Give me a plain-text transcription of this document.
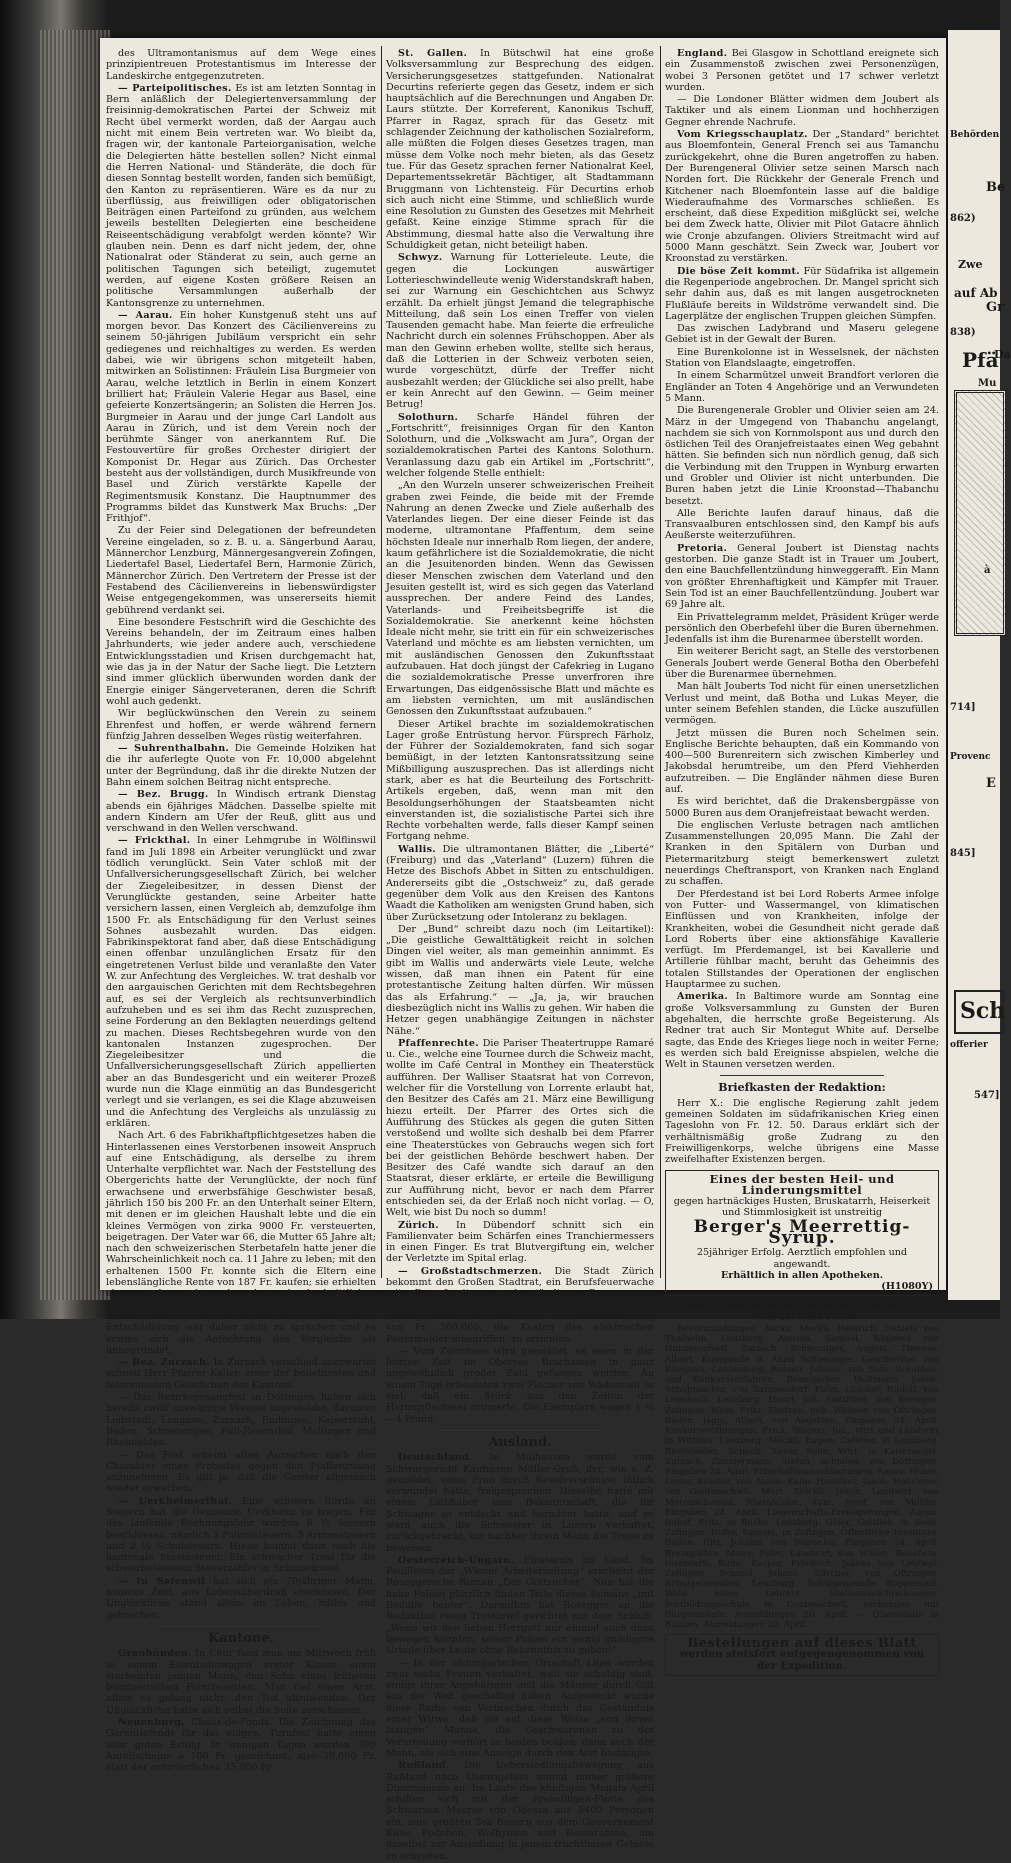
des Ultramontanismus auf dem Wege eines prinzipientreuen Protestantismus im Interesse der Landeskirche entgegenzutreten.

— Parteipolitisches. Es ist am letzten Sonntag in Bern anläßlich der Delegiertenversammlung der freisinnig-demokratischen Partei der Schweiz mit Recht übel vermerkt worden, daß der Aargau auch nicht mit einem Bein vertreten war. Wo bleibt da, fragen wir, der kantonale Parteiorganisation, welche die Delegierten hätte bestellen sollen? Nicht einmal die Herren National- und Ständeräte, die doch für diesen Sonntag bestellt worden, fanden sich bemüßigt, den Kanton zu repräsentieren. Wäre es da nur zu überflüssig, aus freiwilligen oder obligatorischen Beiträgen einen Parteifond zu gründen, aus welchem jeweils bestellten Delegierten eine bescheidene Reiseentschädigung verabfolgt werden könnte? Wir glauben nein. Denn es darf nicht jedem, der, ohne Nationalrat oder Ständerat zu sein, auch gerne an politischen Tagungen sich beteiligt, zugemutet werden, auf eigene Kosten größere Reisen an politische Versammlungen außerhalb der Kantonsgrenze zu unternehmen.

— Aarau. Ein hoher Kunstgenuß steht uns auf morgen bevor. Das Konzert des Cäcilienvereins zu seinem 50-jährigen Jubiläum verspricht ein sehr gediegenes und reichhaltiges zu werden. Es werden dabei, wie wir übrigens schon mitgeteilt haben, mitwirken an Solistinnen: Fräulein Lisa Burgmeier von Aarau, welche letztlich in Berlin in einem Konzert brilliert hat; Fräulein Valerie Hegar aus Basel, eine gefeierte Konzertsängerin; an Solisten die Herren Jos. Burgmeier in Aarau und der junge Carl Landolt aus Aarau in Zürich, und ist dem Verein noch der berühmte Sänger von anerkanntem Ruf. Die Festouvertüre für großes Orchester dirigiert der Komponist Dr. Hegar aus Zürich. Das Orchester besteht aus der vollständigen, durch Musikfreunde von Basel und Zürich verstärkte Kapelle der Regimentsmusik Konstanz. Die Hauptnummer des Programms bildet das Kunstwerk Max Bruchs: „Der Frithjof“.

Zu der Feier sind Delegationen der befreundeten Vereine eingeladen, so z. B. u. a. Sängerbund Aarau, Männerchor Lenzburg, Männergesangverein Zofingen, Liedertafel Basel, Liedertafel Bern, Harmonie Zürich, Männerchor Zürich. Den Vertretern der Presse ist der Festabend des Cäcilienvereins in liebenswürdigster Weise entgegengekommen, was unsererseits hiemit gebührend verdankt sei.

Eine besondere Festschrift wird die Geschichte des Vereins behandeln, der im Zeitraum eines halben Jahrhunderts, wie jeder andere auch, verschiedene Entwicklungsstadien und Krisen durchgemacht hat, wie das ja in der Natur der Sache liegt. Die Letztern sind immer glücklich überwunden worden dank der Energie einiger Sängerveteranen, deren die Schrift wohl auch gedenkt.

Wir beglückwünschen den Verein zu seinem Ehrenfest und hoffen, er werde während fernern fünfzig Jahren desselben Weges rüstig weiterfahren.

— Suhrenthalbahn. Die Gemeinde Holziken hat die ihr auferlegte Quote von Fr. 10,000 abgelehnt unter der Begründung, daß ihr die direkte Nutzen der Bahn einem solchen Beitrag nicht entspreche.

— Bez. Brugg. In Windisch ertrank Dienstag abends ein 6jähriges Mädchen. Dasselbe spielte mit andern Kindern am Ufer der Reuß, glitt aus und verschwand in den Wellen verschwand.

— Frickthal. In einer Lehmgrube in Wölflinswil fand im Juli 1898 ein Arbeiter verunglückt und zwar tödlich verunglückt. Sein Vater schloß mit der Unfallversicherungsgesellschaft Zürich, bei welcher der Ziegeleibesitzer, in dessen Dienst der Verunglückte gestanden, seine Arbeiter hatte versichern lassen, einen Vergleich ab, demzufolge ihm 1500 Fr. als Entschädigung für den Verlust seines Sohnes ausbezahlt wurden. Das eidgen. Fabrikinspektorat fand aber, daß diese Entschädigung einen offenbar unzulänglichen Ersatz für den eingetretenen Verlust bilde und veranlaßte den Vater W. zur Anfechtung des Vergleiches. W. trat deshalb vor den aargauischen Gerichten mit dem Rechtsbegehren auf, es sei der Vergleich als rechtsunverbindlich aufzuheben und es sei ihm das Recht zuzusprechen, seine Forderung an den Beklagten neuerdings geltend zu machen. Dieses Rechtsbegehren wurde von den kantonalen Instanzen zugesprochen. Der Ziegeleibesitzer und die Unfallversicherungsgesellschaft Zürich appellierten aber an das Bundesgericht und ein weiterer Prozeß wurde nun die Klage einmütig an das Bundesgericht verlegt und sie verlangen, es sei die Klage abzuweisen und die Anfechtung des Vergleichs als unzulässig zu erklären.

Nach Art. 6 des Fabrikhaftpflichtgesetzes haben die Hinterlassenen eines Verstorbenen insoweit Anspruch auf eine Entschädigung, als derselbe zu ihrem Unterhalte verpflichtet war. Nach der Feststellung des Obergerichts hatte der Verunglückte, der noch fünf erwachsene und erwerbsfähige Geschwister besaß, jährlich 150 bis 200 Fr. an den Unterhalt seiner Eltern, mit denen er im gleichen Haushalt lebte und die ein kleines Vermögen von zirka 9000 Fr. versteuerten, beigetragen. Der Vater war 66, die Mutter 65 Jahre alt; nach den schweizerischen Sterbetafeln hatte jener die Wahrscheinlichkeit noch ca. 11 Jahre zu leben; mit den erhaltenen 1500 Fr. konnte sich die Eltern eine lebenslängliche Rente von 187 Fr. kaufen; sie erhielten also noch mehr als den durchschnittlichen Unterstützungsbeitrag, den der Verstorbene hätte gewähren können. Von einer offenbar unzulänglichen Entschädigung war daher nicht zu sprechen und es erwies sich die Anfechtung des Vergleichs als unbegründet.

— Bez. Zurzach. In Zurzach verschied unerwartet schnell Herr Pfarrer Keller, einer der beliebtesten und tolerantesten Geistlichen des Kantons.

— Das Bezirksgesangfest in Döttingen haben sich bereits zwölf auswärtige Vereine angemeldet, darunter Leibstadt, Lengnau, Zurzach, Endingen, Kaiserstuhl, Baden, Schneisingen, Full-Reuenthal, Mellingen und Rheinfelden.

— Das Fest scheint allen Anzeichen nach den Charakter eines Protestes gegen den Pfaffenzwang anzunehmen. Es gilt ja, daß die Geister allgemach wieder erwachen.

— Uerkheimerthal. Eine schwere Bürde an Steuern hat die Gemeinde Uerkheim zu tragen. Für das laufende Rechnungsjahr wurden 8 ½ Steuern beschlossen, nämlich 3 Polizeisteuern, 3 Armensteuern und 2 ½ Schulsteuern. Hiezu kommt dann noch die kantonale Staatssteuer. Ein schwacher Trost für die schwerbelasteten Steuerzahler in Schmiedrued.

— In Safenwil hat sich ein 70jähriger Mann, namens Zeni, aus Lebensüberdruß erschossen. Der Unglückliche stand allein im Leben, hilflos und gebrochen.

Kantone.

Graubünden. In Chur fand man am Mittwoch früh in einem Eisenbahnwagen erster Klasse einen sterbenden jungen Mann, den Sohn eines früheren bündnerischen Forstbeamten. Man rief einen Arzt, allein es gelang nicht, den Tod abzuwenden. Der Unglückliche hatte sich selbst die Seite zerschossen.

Neuenburg. Chaux-de-Fonds. Die Zeichnung des Garantiefonds für das eidgen. Turnfest hatte einen sehr guten Erfolg. In wenigen Tagen wurden 390 Anteilscheine à 100 Fr. gezeichnet, also 39,000 Fr. statt der erforderlichen 35,000 Fr.

St. Gallen. In Bütschwil hat eine große Volksversammlung zur Besprechung des eidgen. Versicherungsgesetzes stattgefunden. Nationalrat Decurtins referierte gegen das Gesetz, indem er sich hauptsächlich auf die Berechnungen und Angaben Dr. Laurs stützte. Der Korreferent, Kanonikus Tschuff, Pfarrer in Ragaz, sprach für das Gesetz mit schlagender Zeichnung der katholischen Sozialreform, alle müßten die Folgen dieses Gesetzes tragen, man müsse dem Volke noch mehr bieten, als das Gesetz tue. Für das Gesetz sprachen ferner Nationalrat Keel, Departementssekretär Bächtiger, alt Stadtammann Bruggmann von Lichtensteig. Für Decurtins erhob sich auch nicht eine Stimme, und schließlich wurde eine Resolution zu Gunsten des Gesetzes mit Mehrheit gefaßt. Keine einzige Stimme sprach für die Abstimmung, diesmal hatte also die Verwaltung ihre Schuldigkeit getan, nicht beteiligt haben.

Schwyz. Warnung für Lotterieleute. Leute, die gegen die Lockungen auswärtiger Lotterieschwindelleute wenig Widerstandskraft haben, sei zur Warnung ein Geschichtchen aus Schwyz erzählt. Da erhielt jüngst Jemand die telegraphische Mitteilung, daß sein Los einen Treffer von vielen Tausenden gemacht habe. Man feierte die erfreuliche Nachricht durch ein solennes Frühschoppen. Aber als man den Gewinn erheben wollte, stellte sich heraus, daß die Lotterien in der Schweiz verboten seien, wurde vorgeschützt, dürfe der Treffer nicht ausbezahlt werden; der Glückliche sei also prellt, habe er kein Anrecht auf den Gewinn. — Geim meiner Betrug!

Solothurn. Scharfe Händel führen der „Fortschritt“, freisinniges Organ für den Kanton Solothurn, und die „Volkswacht am Jura“, Organ der sozialdemokratischen Partei des Kantons Solothurn. Veranlassung dazu gab ein Artikel im „Fortschritt“, welcher folgende Stelle enthielt:

„An den Wurzeln unserer schweizerischen Freiheit graben zwei Feinde, die beide mit der Fremde Nahrung an denen Zwecke und Ziele außerhalb des Vaterlandes liegen. Der eine dieser Feinde ist das moderne, ultramontane Pfaffentum, dem seine höchsten Ideale nur innerhalb Rom liegen, der andere, kaum gefährlichere ist die Sozialdemokratie, die nicht an die Jesuitenorden binden. Wenn das Gewissen dieser Menschen zwischen dem Vaterland und den Jesuiten gestellt ist, wird es sich gegen das Vaterland aussprechen. Der andere Feind des Landes, Vaterlands- und Freiheitsbegriffe ist die Sozialdemokratie. Sie anerkennt keine höchsten Ideale nicht mehr, sie tritt ein für ein schweizerisches Vaterland und möchte es am liebsten vernichten, um mit ausländischen Genossen den Zukunftsstaat aufzubauen. Hat doch jüngst der Cafekrieg in Lugano die sozialdemokratische Presse unverfroren ihre Erwartungen, Das eidgenössische Blatt und mächte es am liebsten vernichten, um mit ausländischen Genossen den Zukunftsstaat aufzubauen.“

Dieser Artikel brachte im sozialdemokratischen Lager große Entrüstung hervor. Fürsprech Färholz, der Führer der Sozialdemokraten, fand sich sogar bemüßigt, in der letzten Kantonsratssitzung seine Mißbilligung auszusprechen. Das ist allerdings nicht stark, aber es hat die Beurteilung des Fortschritt-Artikels ergeben, daß, wenn man mit den Besoldungserhöhungen der Staatsbeamten nicht einverstanden ist, die sozialistische Partei sich ihre Rechte vorbehalten werde, falls dieser Kampf seinen Fortgang nehme.

Wallis. Die ultramontanen Blätter, die „Liberté“ (Freiburg) und das „Vaterland“ (Luzern) führen die Hetze des Bischofs Abbet in Sitten zu entschuldigen. Andererseits gibt die „Ostschweiz“ zu, daß gerade gegenüber dem Volk aus den Kreisen des Kantons Waadt die Katholiken am wenigsten Grund haben, sich über Zurücksetzung oder Intoleranz zu beklagen.

Der „Bund“ schreibt dazu noch (im Leitartikel): „Die geistliche Gewalttätigkeit reicht in solchen Dingen viel weiter, als man gemeinhin annimmt. Es gibt im Wallis und anderwärts viele Leute, welche wissen, daß man ihnen ein Patent für eine protestantische Zeitung halten dürfen. Wir müssen das als Erfahrung.“ — „Ja, ja, wir brauchen diesbezüglich nicht ins Wallis zu gehen. Wir haben die Hetzer gegen unabhängige Zeitungen in nächster Nähe.“

Pfaffenrechte. Die Pariser Theatertruppe Ramaré u. Cie., welche eine Tournee durch die Schweiz macht, wollte im Café Central in Monthey ein Theaterstück aufführen. Der Walliser Staatsrat hat von Correvon, welcher für die Vorstellung von Lorrente erlaubt hat, den Besitzer des Cafés am 21. März eine Bewilligung hiezu erteilt. Der Pfarrer des Ortes sich die Aufführung des Stückes als gegen die guten Sitten verstoßend und wollte sich deshalb bei dem Pfarrer eine Theaterstückes von Gebrauchs wegen sich fort bei der geistlichen Behörde beschwert haben. Der Besitzer des Café wandte sich darauf an den Staatsrat, dieser erklärte, er erteile die Bewilligung zur Aufführung nicht, bevor er nach dem Pfarrer entschieden sei, da der Erlaß noch nicht vorlag. — O, Welt, wie bist Du noch so dumm!

Zürich. In Dübendorf schnitt sich ein Familienvater beim Schärfen eines Tranchiermessers in einen Finger. Es trat Blutvergiftung ein, welcher der Verletzte im Spital erlag.

— Großstadtschmerzen. Die Stadt Zürich bekommt den Großen Stadtrat, ein Berufsfeuerwache mit Dampfspritzen und ständiger Besprannung einzuführen und ein Verdämmigkeitsbeamt im ständigen Feuerwehrdienst zu einem Kostenbetrag von Fr. 560,000, die Kosten des elektrischen Feuermelder inbegriffen, zu errichten.

— Vom Zürichsee wird gemeldet, es seien in der letzten Zeit im Obersee Brachsmen in ganz ungewöhnlich großer Zahl gefangen worden. An einem Tage erbeuteten zwei Fischer von Wädenswil so viel, daß ein Stück aus den Zeiten der Heringsfischerei erinnerte. Die Exemplare wogen 1 ½—4 Pfund.

Ausland.

Deutschland. In Mülhausen wurde vom Schwurgericht Kaufmann Müller-Groß, der, wie s. Z. gemeldet, seine Frau durch Revolverschüsse tötlich verwundet hatte, freigesprochen. Dieselbe hatte mit einem Liebhaber eine Bekanntschaft, die ihr Schwager so entdeckt und berichtet hatte, und so ward auch die Schwester in Luzern verhaftet, zurückgebracht, um nachher ihrem Mann die Treue zu beweisen.

Oesterreich-Ungarn. Finsternis im Land. Im Feuilleton der „Wiener Arbeiterzeitung“ erscheint der Roseggersche Roman „Der Gottsucher“. Nun hat die hohe Polizei plötzlich finden Teile dieses Romans „mit Beihilfe beider“. Daraufhin hat Rosegger an die Redaktion einen Trostbrief gerichtet mit dem Schluß: „Wenn wir den lieben Herrgott nur einmal auch dazu bewegen könnten, seiner Polizei ein wenig gnädigere Urteile über Leute ohne Bekenntnis zu geben!“

— In der südungarischen Ortschaft Ligei wurden zwei sechs Frauen verhaftet, weil sie schuldig sind, einige ihrer Angehörigen und die Männer durch Gift aus der Welt geschaffen haben. Aufgedeckt wurde diese Reihe von Verbrechen durch das Geständnis einer Witwe, daß sie auf diese Weise „von ihrem lästigen“ Manne, die Geschworenen zu der Verurteilung verhört in beiden beiden; dann auch der Mann, als sich eine Anzeige durch den Arzt bestätigte.

Rußland. Die Uebersiedlungsbewegung aus Rußland nach Ussurigebiet nimmt immer größere Dimensionen an. Im Laufe des künftigen Monats April schiffen sich mit der Freiwilligen-Flotte des Schwarzen Meeres von Odessa aus 5400 Personen ein, zum größten Teil Bauern aus dem Gouvernement Kiew, Podolien, Wolhynien und Bessarabien, um daselbst zur Ansiedlung in jenem fruchtbaren Gebiete zu schreiten.

England. Bei Glasgow in Schottland ereignete sich ein Zusammenstoß zwischen zwei Personenzügen, wobei 3 Personen getötet und 17 schwer verletzt wurden.

— Die Londoner Blätter widmen dem Joubert als Taktiker und als einem Lionman und hochherzigen Gegner ehrende Nachrufe.

Vom Kriegsschauplatz. Der „Standard“ berichtet aus Bloemfontein, General French sei aus Tamanchu zurückgekehrt, ohne die Buren angetroffen zu haben. Der Burengeneral Olivier setze seinen Marsch nach Norden fort. Die Rückkehr der Generale French und Kitchener nach Bloemfontein lasse auf die baldige Wiederaufnahme des Vormarsches schließen. Es erscheint, daß diese Expedition mißglückt sei, welche bei dem Zweck hatte, Olivier mit Pilot Gatacre ähnlich wie Cronje abzufangen. Oliviers Streitmacht wird auf 5000 Mann geschätzt. Sein Zweck war, Joubert vor Kroonstad zu verstärken.

Die böse Zeit kommt. Für Südafrika ist allgemein die Regenperiode angebrochen. Dr. Mangel spricht sich sehr dahin aus, daß es mit langen ausgetrockneten Flußläufe bereits in Wildströme verwandelt sind. Die Lagerplätze der englischen Truppen gleichen Sümpfen.

Das zwischen Ladybrand und Maseru gelegene Gebiet ist in der Gewalt der Buren.

Eine Burenkolonne ist in Wesselsnek, der nächsten Station von Elandslaagte, eingetroffen.

In einem Scharmützel unweit Brandfort verloren die Engländer an Toten 4 Angehörige und an Verwundeten 5 Mann.

Die Burengenerale Grobler und Olivier seien am 24. März in der Umgegend von Thabanchu angelangt, nachdem sie sich von Kornmolspont aus und durch den östlichen Teil des Oranjefreistaates einen Weg gebahnt hätten. Sie befinden sich nun nördlich genug, daß sich die Verbindung mit den Truppen in Wynburg erwarten und Grobler und Olivier ist nicht unterbunden. Die Buren haben jetzt die Linie Kroonstad—Thabanchu besetzt.

Alle Berichte laufen darauf hinaus, daß die Transvaalburen entschlossen sind, den Kampf bis aufs Aeußerste weiterzuführen.

Pretoria. General Joubert ist Dienstag nachts gestorben. Die ganze Stadt ist in Trauer um Joubert, den eine Bauchfellentzündung hinweggerafft. Ein Mann von größter Ehrenhaftigkeit und Kämpfer mit Trauer. Sein Tod ist an einer Bauchfellentzündung. Joubert war 69 Jahre alt.

Ein Privattelegramm meldet, Präsident Krüger werde persönlich den Oberbefehl über die Buren übernehmen. Jedenfalls ist ihm die Burenarmee überstellt worden.

Ein weiterer Bericht sagt, an Stelle des verstorbenen Generals Joubert werde General Botha den Oberbefehl über die Burenarmee übernehmen.

Man hält Jouberts Tod nicht für einen unersetzlichen Verlust und meint, daß Botha und Lukas Meyer, die unter seinem Befehlen standen, die Lücke auszufüllen vermögen.

Jetzt müssen die Buren noch Schelmen sein. Englische Berichte behaupten, daß ein Kommando von 400—500 Burenreitern sich zwischen Kimberley und Jakobsdal herumtreibe, um den Pferd Viehherden aufzutreiben. — Die Engländer nähmen diese Buren auf.

Es wird berichtet, daß die Drakensbergpässe von 5000 Buren aus dem Oranjefreistaat bewacht werden.

Die englischen Verluste betragen nach amtlichen Zusammenstellungen 20,095 Mann. Die Zahl der Kranken in den Spitälern von Durban und Pietermaritzburg steigt bemerkenswert zuletzt neuerdings Cheftransport, von Kranken nach England zu schaffen.

Der Pferdestand ist bei Lord Roberts Armee infolge von Futter- und Wassermangel, von klimatischen Einflüssen und von Krankheiten, infolge der Krankheiten, wobei die Gesundheit nicht gerade daß Lord Roberts über eine aktionsfähige Kavallerie verfügt. Im Pferdemangel, ist bei Kavallerie und Artillerie fühlbar macht, beruht das Geheimnis des totalen Stillstandes der Operationen der englischen Hauptarmee zu suchen.

Amerika. In Baltimore wurde am Sonntag eine große Volksversammlung zu Gunsten der Buren abgehalten, die herrschte große Begeisterung. Als Redner trat auch Sir Montegut White auf. Derselbe sagte, das Ende des Krieges liege noch in weiter Ferne; es werden sich bald Ereignisse abspielen, welche die Welt in Staunen versetzen werden.

Briefkasten der Redaktion:

Herr X.: Die englische Regierung zahlt jedem gemeinen Soldaten im südafrikanischen Krieg einen Tageslohn von Fr. 12. 50. Daraus erklärt sich der verhältnismäßig große Zudrang zu den Freiwilligenkorps, welche übrigens eine Masse zweifelhafter Existenzen bergen.

Eines der besten Heil- und Linderungsmittel
gegen hartnäckiges Husten, Bruskatarrh, Heiserkeit und Stimmlosigkeit ist unstreitig
Berger's Meerrettig-Syrup.
25jähriger Erfolg. Aerztlich empfohlen und angewandt.
Erhältlich in allen Apotheken.
(H1080Y)

Auszug aus dem Aargauischen Amtsblatt.

Vom 24. März 1900

Bevormundungen. Aarau. Merkli, Heinrich, Daniels von Thalheim. Lenzburg. Amrein, Samuel, Wagners von Hunzenschwil. Zurzach. Schleuniger, August, Therese, Albert, Kunigunde u. Anna Schleuniger, Geschwister von Klingnau. Laufenburg. Rohner, Johann, von Sulz. Schulden- und Konkursverfahren. Bremgarten. Hoffmann, Jakob, Schuhmacher, von Sarmenstorf. Kulm. Lüscher, Rudolf, von Leimbach. Lenzburg. Hauri, Joh. Gottfried, von Seengen. Zofingen. Wyss, Fritz, Ehefrau, geb. Widmer, von Oftringen. Baden. Jäggi, Albert, von Aegerten. Eingaben 24. April. Konkurseröffnungen. Frick. Wagner, Jos., Wirt und Landwirt in Wittnau. Lenzburg. Stöckli, Eugen, Cafetier, in Lenzburg. Rheinfelden. Schaub, Xaver, Sohn, Wirt, in Kaiseraugst. Zurzach. Zimmermann, Stefan, Schmied, von Döttingen. Eingaben 24. April. Erbschaftsausschlagungen. Aarau. Huber, Leonz, Krämer, von Aarau. Kulm. Hunziker, Jakob, Hausierer, von Gontenschwil. Muri. Stöckli, Jakob, Landwirt, von Merenschwand. Rheinfelden. Kym, Josef, von Möhlin. Eingaben 24. April. Liegenschafts-Ersteigerungen. Aarau. Imhof, Fritz, in Buchs. Lenzburg. Gloor, Gottlieb, in Seon. Zofingen. Hofer, Samuel, in Zofingen. Öffentliche Inventare. Baden. Hitz, Johann, von Würenlos. Eingaben 24. April. Bremgarten. Meier, Peter, Landwirt, von Widen. Beneficia. Inventarii. Kulm. Kaspar, Friedrich, Jakobs von Leutwyl, Zofingen. Schmid, Johann, Zürcher, von Oftringen. Schulgemeinden. Lenzburg. Schulgemeinde Rupperswil, Wahl eines Lehrers. Stellenausschreibungen. Fortbildungsschule in Gontenschwil, verbunden mit Bürgerschule. Anmeldungen 20. April. — Oberschule in Bünzen. Anmeldungen 20. April.

Bestellungen auf dieses Blatt
werden stetsfort entgegengenommen von der Expedition.
Behörden
862)
Be
Zwe
auf Ab
Gr
838)
Pfä
Mu
Da
à
714]
Provenc
E
845]
Sch
offerier
547]
